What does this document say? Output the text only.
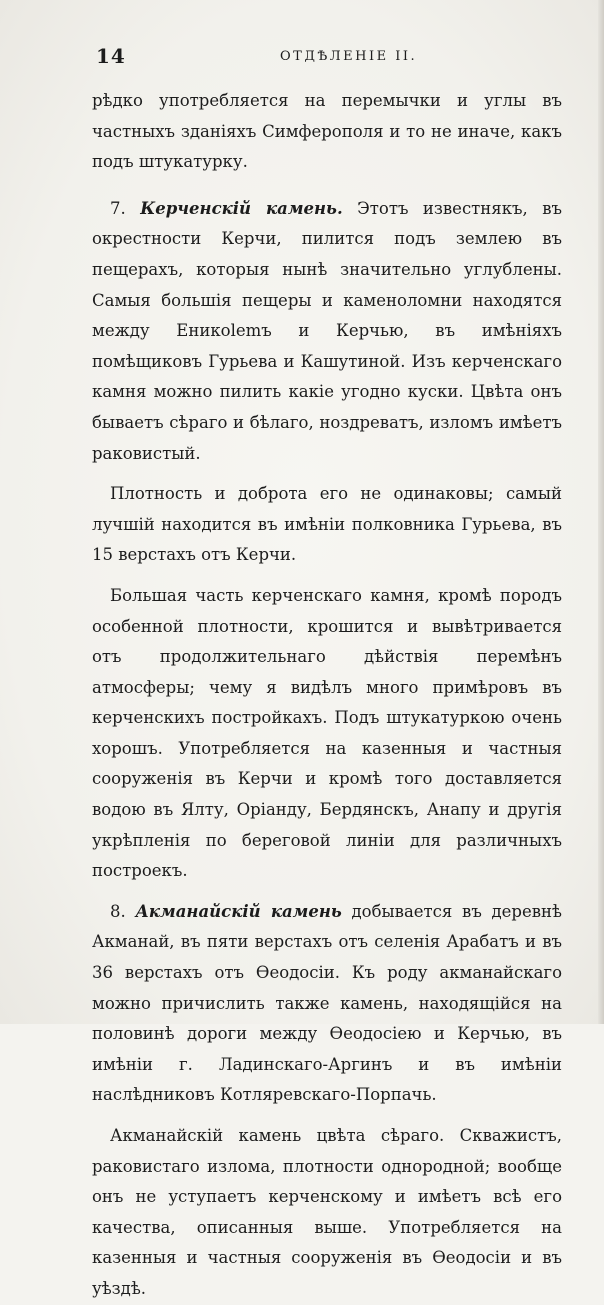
14	ОТДѢЛЕНІЕ II.

рѣдко употребляется на перемычки и углы въ частныхъ зданіяхъ Симферополя и то не иначе, какъ подъ штукатурку.

7. Керченскій камень. Этотъ известнякъ, въ окрестности Керчи, пилится подъ землею въ пещерахъ, которыя нынѣ значительно углублены. Самыя большія пещеры и каменоломни находятся между Еникolemъ и Керчью, въ имѣніяхъ помѣщиковъ Гурьева и Кашутиной. Изъ керченскаго камня можно пилить какіе угодно куски. Цвѣта онъ бываетъ сѣраго и бѣлаго, ноздреватъ, изломъ имѣетъ раковистый.

Плотность и доброта его не одинаковы; самый лучшій находится въ имѣніи полковника Гурьева, въ 15 верстахъ отъ Керчи.

Большая часть керченскаго камня, кромѣ породъ особенной плотности, крошится и вывѣтривается отъ продолжительнаго дѣйствія перемѣнъ атмосферы; чему я видѣлъ много примѣровъ въ керченскихъ постройкахъ. Подъ штукатуркою очень хорошъ. Употребляется на казенныя и частныя сооруженія въ Керчи и кромѣ того доставляется водою въ Ялту, Оріанду, Бердянскъ, Анапу и другія укрѣпленія по береговой линіи для различныхъ построекъ.

8. Акманайскій камень добывается въ деревнѣ Акманай, въ пяти верстахъ отъ селенія Арабатъ и въ 36 верстахъ отъ Ѳеодосіи. Къ роду акманайскаго можно причислить также камень, находящійся на половинѣ дороги между Ѳеодосіею и Керчью, въ имѣніи г. Ладинскаго-Аргинъ и въ имѣніи наслѣдниковъ Котляревскаго-Порпачь.

Акманайскій камень цвѣта сѣраго. Скважистъ, раковистаго излома, плотности однородной; вообще онъ не уступаетъ керченскому и имѣетъ всѣ его качества, описанныя выше. Употребляется на казенныя и частныя сооруженія въ Ѳеодосіи и въ уѣздѣ.
